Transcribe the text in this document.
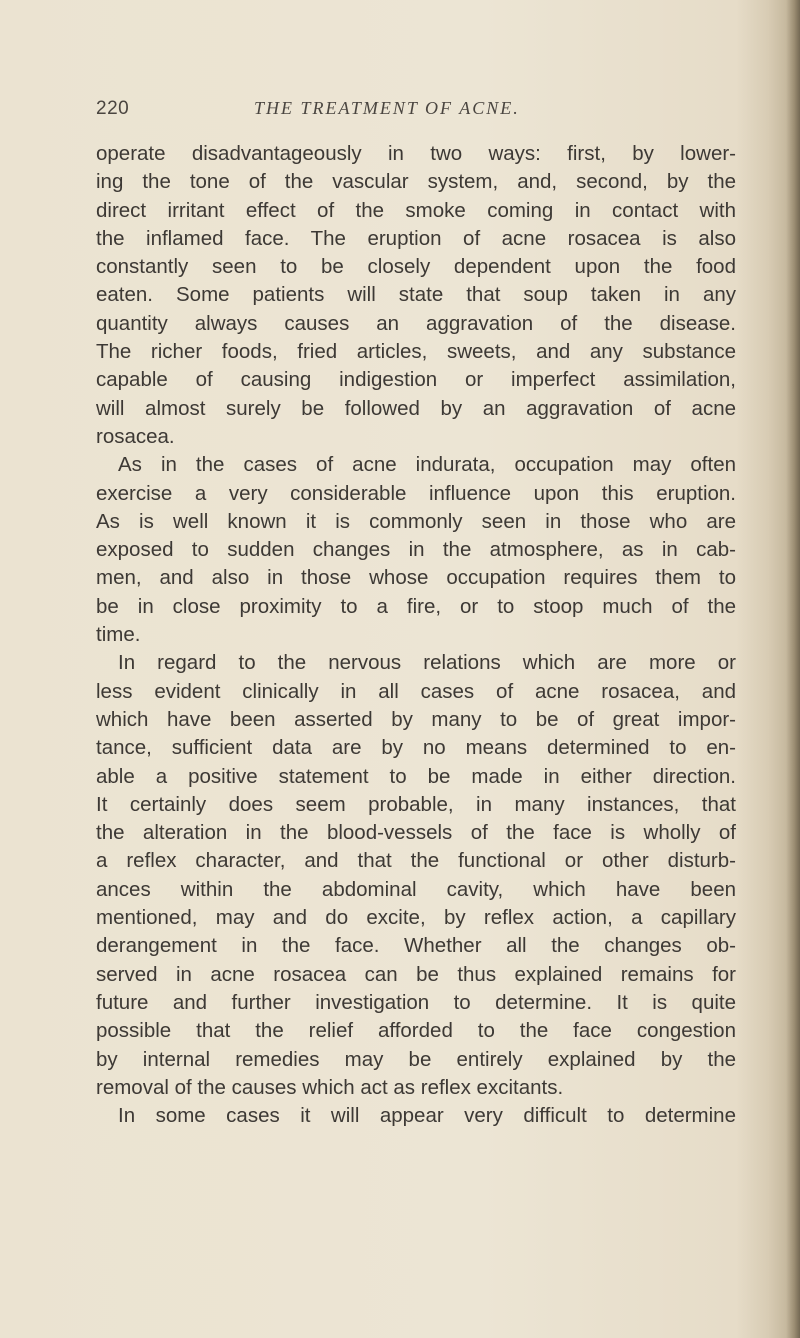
220	THE TREATMENT OF ACNE.
operate disadvantageously in two ways: first, by lower-
ing the tone of the vascular system, and, second, by the
direct irritant effect of the smoke coming in contact with
the inflamed face. The eruption of acne rosacea is also
constantly seen to be closely dependent upon the food
eaten. Some patients will state that soup taken in any
quantity always causes an aggravation of the disease.
The richer foods, fried articles, sweets, and any substance
capable of causing indigestion or imperfect assimilation,
will almost surely be followed by an aggravation of acne
rosacea.
As in the cases of acne indurata, occupation may often
exercise a very considerable influence upon this eruption.
As is well known it is commonly seen in those who are
exposed to sudden changes in the atmosphere, as in cab-
men, and also in those whose occupation requires them to
be in close proximity to a fire, or to stoop much of the
time.
In regard to the nervous relations which are more or
less evident clinically in all cases of acne rosacea, and
which have been asserted by many to be of great impor-
tance, sufficient data are by no means determined to en-
able a positive statement to be made in either direction.
It certainly does seem probable, in many instances, that
the alteration in the blood-vessels of the face is wholly of
a reflex character, and that the functional or other disturb-
ances within the abdominal cavity, which have been
mentioned, may and do excite, by reflex action, a capillary
derangement in the face. Whether all the changes ob-
served in acne rosacea can be thus explained remains for
future and further investigation to determine. It is quite
possible that the relief afforded to the face congestion
by internal remedies may be entirely explained by the
removal of the causes which act as reflex excitants.
In some cases it will appear very difficult to determine
